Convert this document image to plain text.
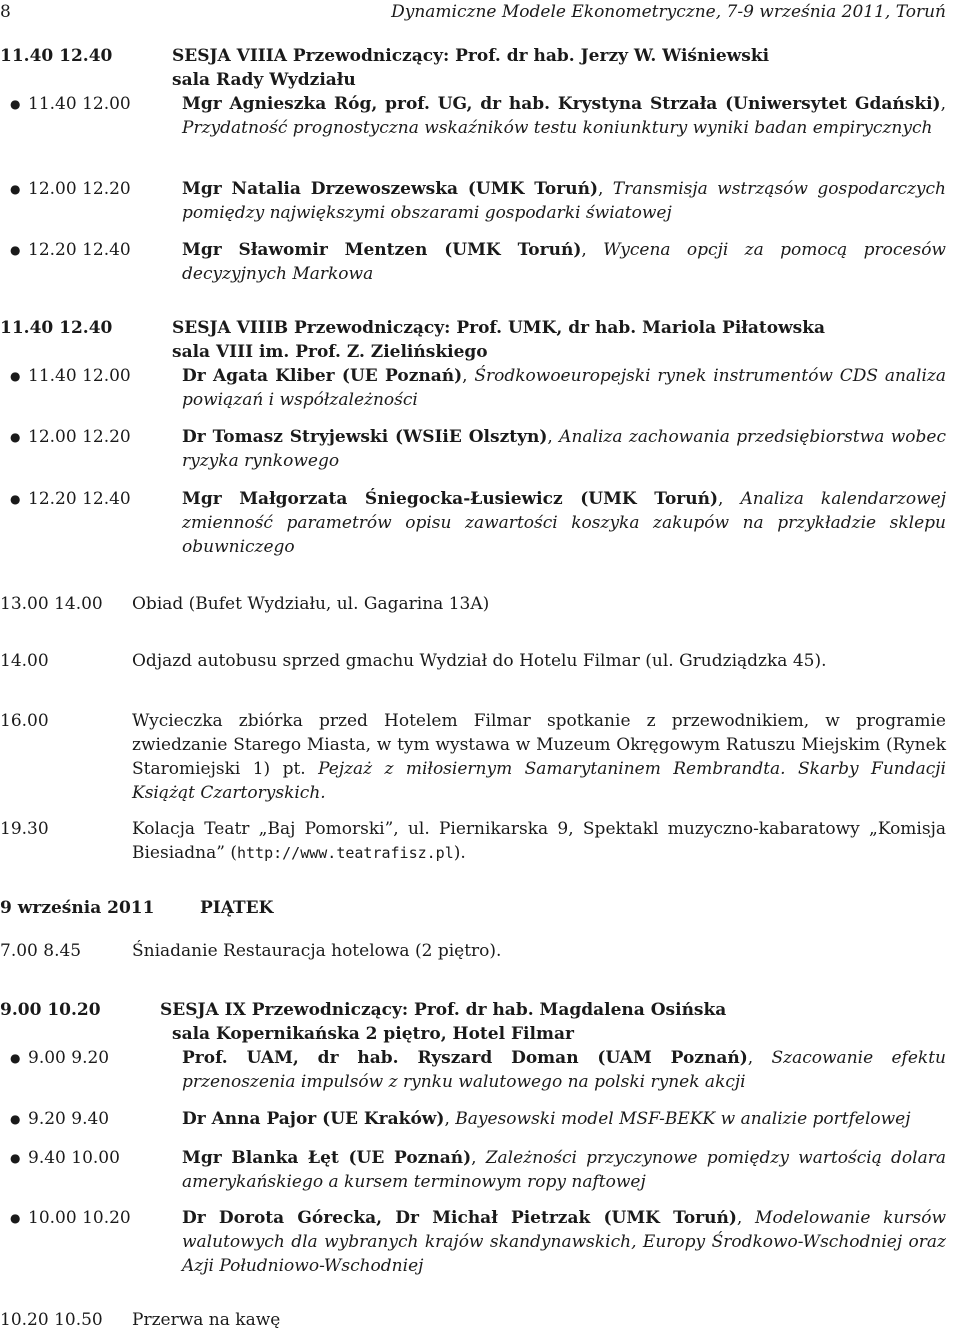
8	Dynamiczne Modele Ekonometryczne, 7-9 września 2011, Toruń
11.40 12.40	SESJA VIIIA Przewodniczący: Prof. dr hab. Jerzy W. Wiśniewski
sala Rady Wydziału
● 11.40 12.00	Mgr Agnieszka Róg, prof. UG, dr hab. Krystyna Strzała (Uniwersytet Gdański), Przydatność prognostyczna wskaźników testu koniunktury wyniki badan empirycznych
● 12.00 12.20	Mgr Natalia Drzewoszewska (UMK Toruń), Transmisja wstrząsów gospodarczych pomiędzy największymi obszarami gospodarki światowej
● 12.20 12.40	Mgr Sławomir Mentzen (UMK Toruń), Wycena opcji za pomocą procesów decyzyjnych Markowa
11.40 12.40	SESJA VIIIB Przewodniczący: Prof. UMK, dr hab. Mariola Piłatowska
sala VIII im. Prof. Z. Zielińskiego
● 11.40 12.00	Dr Agata Kliber (UE Poznań), Środkowoeuropejski rynek instrumentów CDS analiza powiązań i współzależności
● 12.00 12.20	Dr Tomasz Stryjewski (WSIiE Olsztyn), Analiza zachowania przedsiębiorstwa wobec ryzyka rynkowego
● 12.20 12.40	Mgr Małgorzata Śniegocka-Łusiewicz (UMK Toruń), Analiza kalendarzowej zmienność parametrów opisu zawartości koszyka zakupów na przykładzie sklepu obuwniczego
13.00 14.00 Obiad (Bufet Wydziału, ul. Gagarina 13A)
14.00	Odjazd autobusu sprzed gmachu Wydział do Hotelu Filmar (ul. Grudziądzka 45).
16.00	Wycieczka zbiórka przed Hotelem Filmar spotkanie z przewodnikiem, w programie zwiedzanie Starego Miasta, w tym wystawa w Muzeum Okręgowym Ratuszu Miejskim (Rynek Staromiejski 1) pt. Pejzaż z miłosiernym Samarytaninem Rembrandta. Skarby Fundacji Książąt Czartoryskich.
19.30	Kolacja Teatr „Baj Pomorski”, ul. Piernikarska 9, Spektakl muzyczno-kabaratowy „Komisja Biesiadna” (http://www.teatrafisz.pl).
9 września 2011	PIĄTEK
7.00 8.45	Śniadanie Restauracja hotelowa (2 piętro).
9.00 10.20	SESJA IX Przewodniczący: Prof. dr hab. Magdalena Osińska
sala Kopernikańska 2 piętro, Hotel Filmar
● 9.00 9.20	Prof. UAM, dr hab. Ryszard Doman (UAM Poznań), Szacowanie efektu przenoszenia impulsów z rynku walutowego na polski rynek akcji
● 9.20 9.40	Dr Anna Pajor (UE Kraków), Bayesowski model MSF-BEKK w analizie portfelowej
● 9.40 10.00	Mgr Blanka Łęt (UE Poznań), Zależności przyczynowe pomiędzy wartością dolara amerykańskiego a kursem terminowym ropy naftowej
● 10.00 10.20	Dr Dorota Górecka, Dr Michał Pietrzak (UMK Toruń), Modelowanie kursów walutowych dla wybranych krajów skandynawskich, Europy Środkowo-Wschodniej oraz Azji Południowo-Wschodniej
10.20 10.50 Przerwa na kawę
